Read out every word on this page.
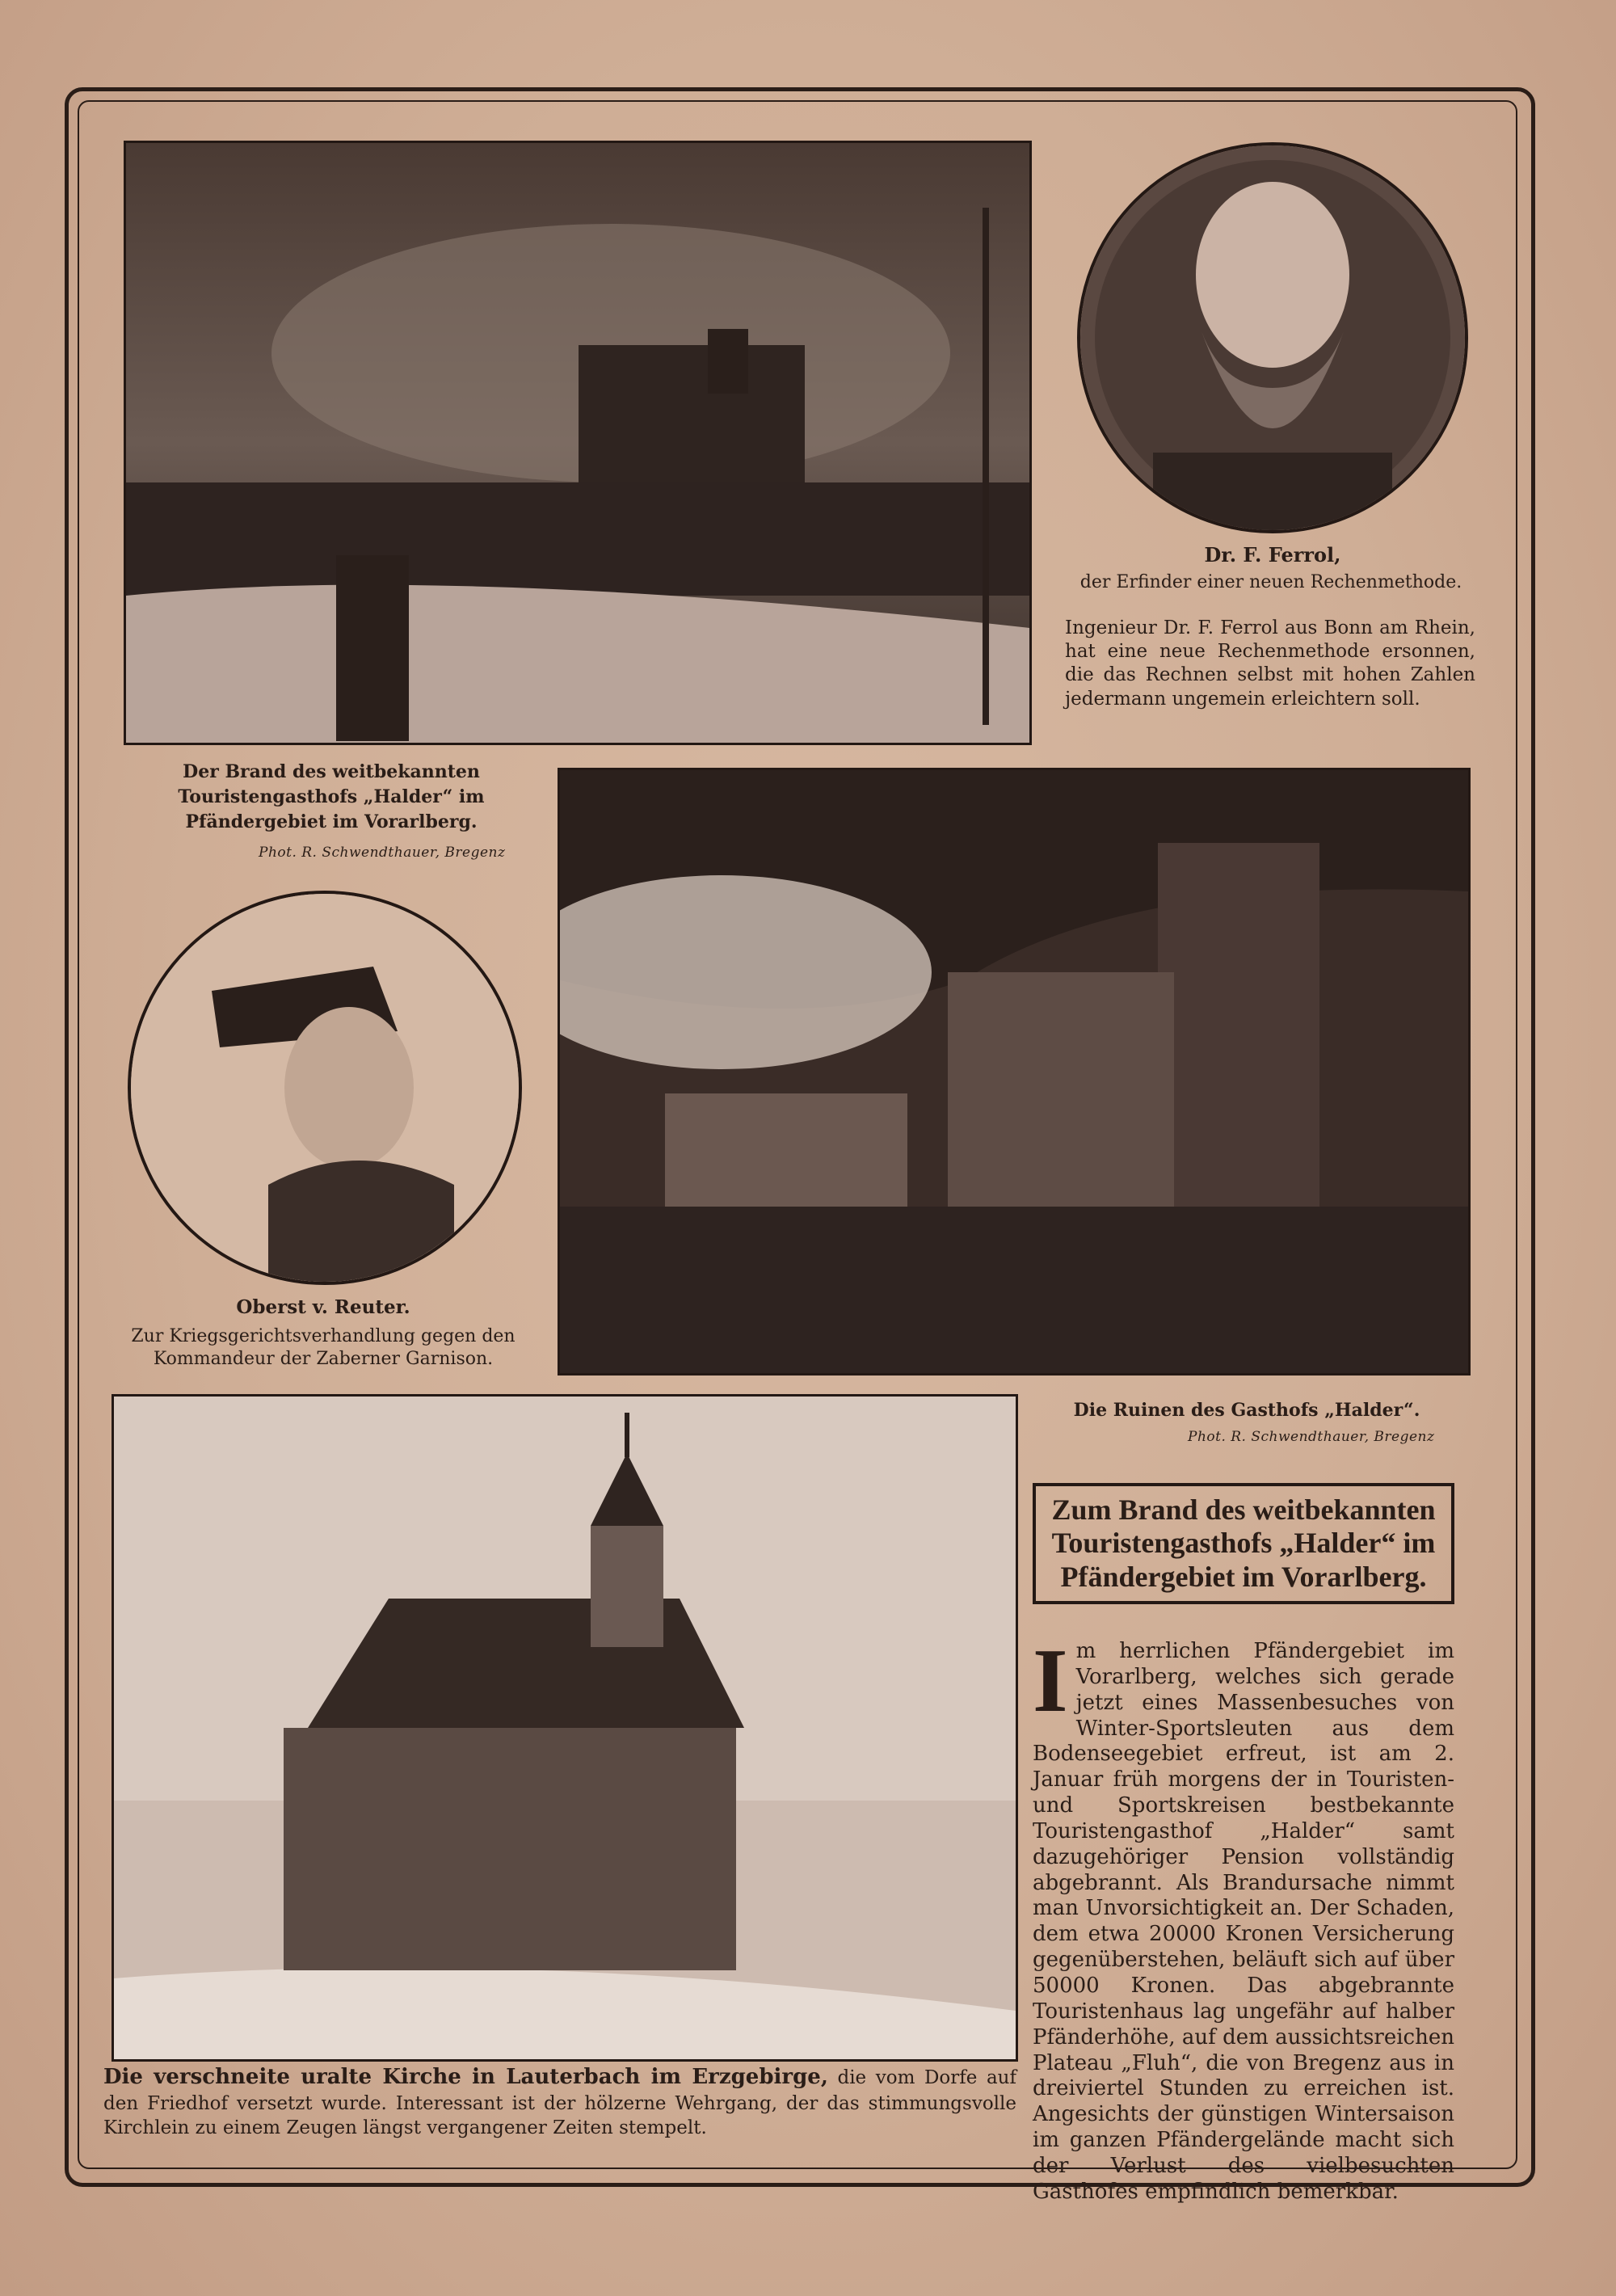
Der Brand des weitbekannten Touristengasthofs „Halder“ im Pfändergebiet im Vorarlberg.
Phot. R. Schwendthauer, Bregenz
Dr. F. Ferrol,
der Erfinder einer neuen Rechenmethode.
Ingenieur Dr. F. Ferrol aus Bonn am Rhein, hat eine neue Rechenmethode ersonnen, die das Rechnen selbst mit hohen Zahlen jedermann ungemein erleichtern soll.
Die Ruinen des Gasthofs „Halder“.
Phot. R. Schwendthauer, Bregenz
Oberst v. Reuter.
Zur Kriegsgerichtsverhandlung gegen den Kommandeur der Zaberner Garnison.
Die verschneite uralte Kirche in Lauterbach im Erzgebirge, die vom Dorfe auf den Friedhof versetzt wurde. Interessant ist der hölzerne Wehrgang, der das stimmungsvolle Kirchlein zu einem Zeugen längst vergangener Zeiten stempelt.
Zum Brand des weitbekannten Touristengasthofs „Halder“ im Pfändergebiet im Vorarlberg.
Im herrlichen Pfändergebiet im Vorarlberg, welches sich gerade jetzt eines Massenbesuches von Winter-Sportsleuten aus dem Bodenseegebiet erfreut, ist am 2. Januar früh morgens der in Touristen- und Sportskreisen bestbekannte Touristengasthof „Halder“ samt dazugehöriger Pension vollständig abgebrannt. Als Brandursache nimmt man Unvorsichtigkeit an. Der Schaden, dem etwa 20000 Kronen Versicherung gegenüberstehen, beläuft sich auf über 50000 Kronen. Das abgebrannte Touristenhaus lag ungefähr auf halber Pfänderhöhe, auf dem aussichtsreichen Plateau „Fluh“, die von Bregenz aus in dreiviertel Stunden zu erreichen ist. Angesichts der günstigen Wintersaison im ganzen Pfändergelände macht sich der Verlust des vielbesuchten Gasthofes empfindlich bemerkbar.
